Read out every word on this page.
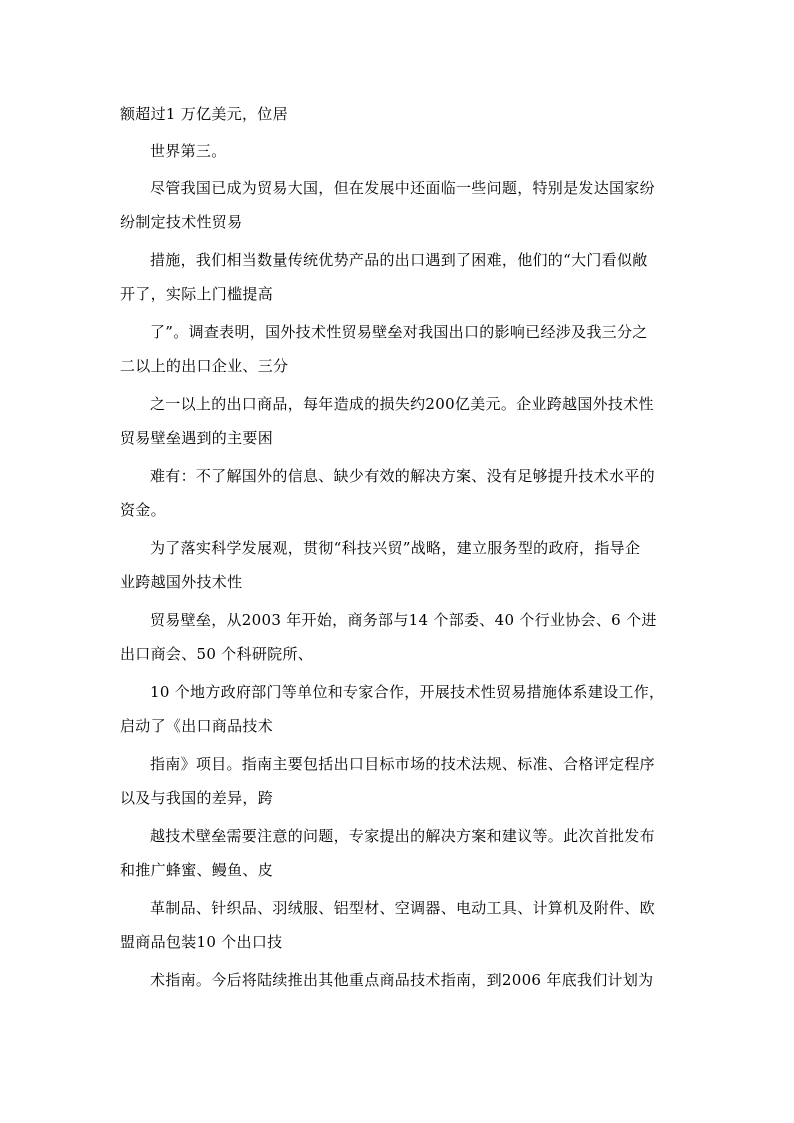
额超过1 万亿美元，位居
世界第三。
尽管我国已成为贸易大国，但在发展中还面临一些问题，特别是发达国家纷
纷制定技术性贸易
措施，我们相当数量传统优势产品的出口遇到了困难，他们的“大门看似敞
开了，实际上门槛提高
了”。调查表明，国外技术性贸易壁垒对我国出口的影响已经涉及我三分之
二以上的出口企业、三分
之一以上的出口商品，每年造成的损失约200亿美元。企业跨越国外技术性
贸易壁垒遇到的主要困
难有：不了解国外的信息、缺少有效的解决方案、没有足够提升技术水平的
资金。
为了落实科学发展观，贯彻“科技兴贸”战略，建立服务型的政府，指导企
业跨越国外技术性
贸易壁垒，从2003 年开始，商务部与14 个部委、40 个行业协会、6 个进
出口商会、50 个科研院所、
10 个地方政府部门等单位和专家合作，开展技术性贸易措施体系建设工作，
启动了《出口商品技术
指南》项目。指南主要包括出口目标市场的技术法规、标准、合格评定程序
以及与我国的差异，跨
越技术壁垒需要注意的问题，专家提出的解决方案和建议等。此次首批发布
和推广蜂蜜、鳗鱼、皮
革制品、针织品、羽绒服、铝型材、空调器、电动工具、计算机及附件、欧
盟商品包装10 个出口技
术指南。今后将陆续推出其他重点商品技术指南，到2006 年底我们计划为
